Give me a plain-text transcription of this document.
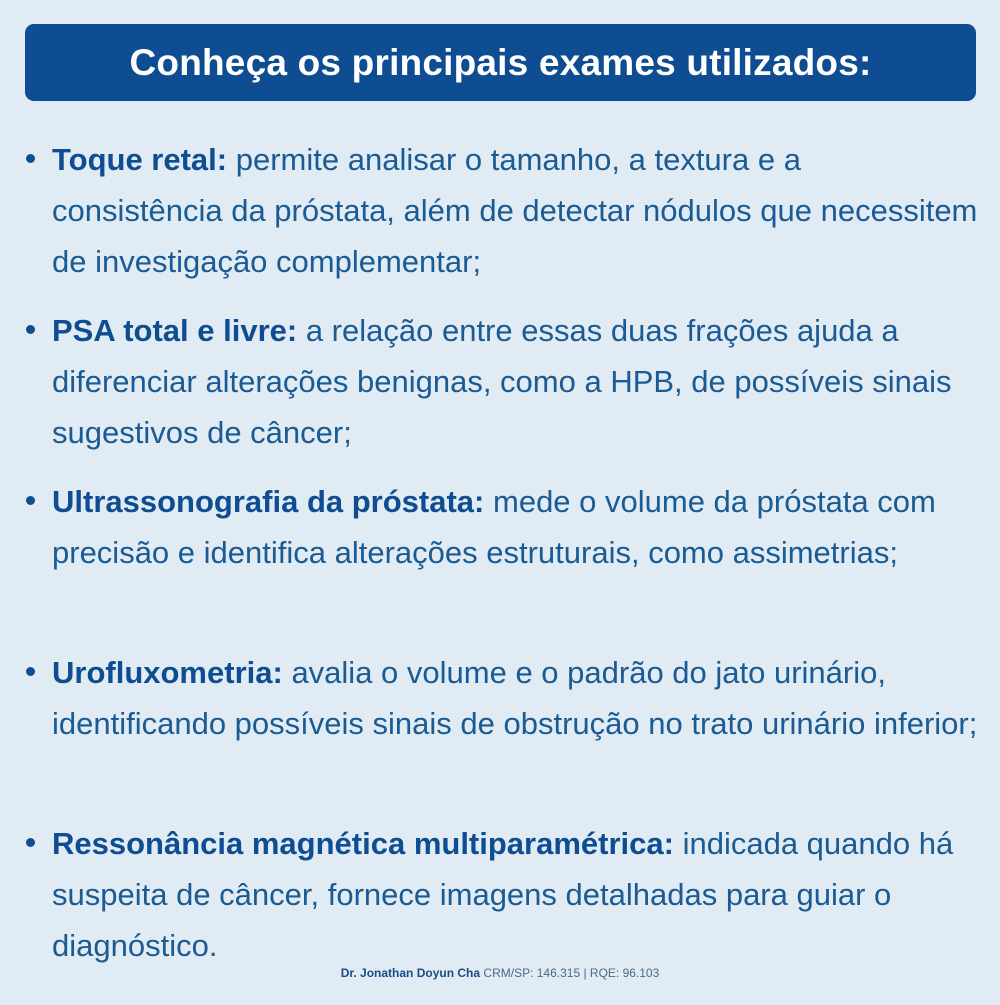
Conheça os principais exames utilizados:
Toque retal: permite analisar o tamanho, a textura e a consistência da próstata, além de detectar nódulos que necessitem de investigação complementar;
PSA total e livre: a relação entre essas duas frações ajuda a diferenciar alterações benignas, como a HPB, de possíveis sinais sugestivos de câncer;
Ultrassonografia da próstata: mede o volume da próstata com precisão e identifica alterações estruturais, como assimetrias;
Urofluxometria: avalia o volume e o padrão do jato urinário, identificando possíveis sinais de obstrução no trato urinário inferior;
Ressonância magnética multiparamétrica: indicada quando há suspeita de câncer, fornece imagens detalhadas para guiar o diagnóstico.
Dr. Jonathan Doyun Cha CRM/SP: 146.315 | RQE: 96.103
